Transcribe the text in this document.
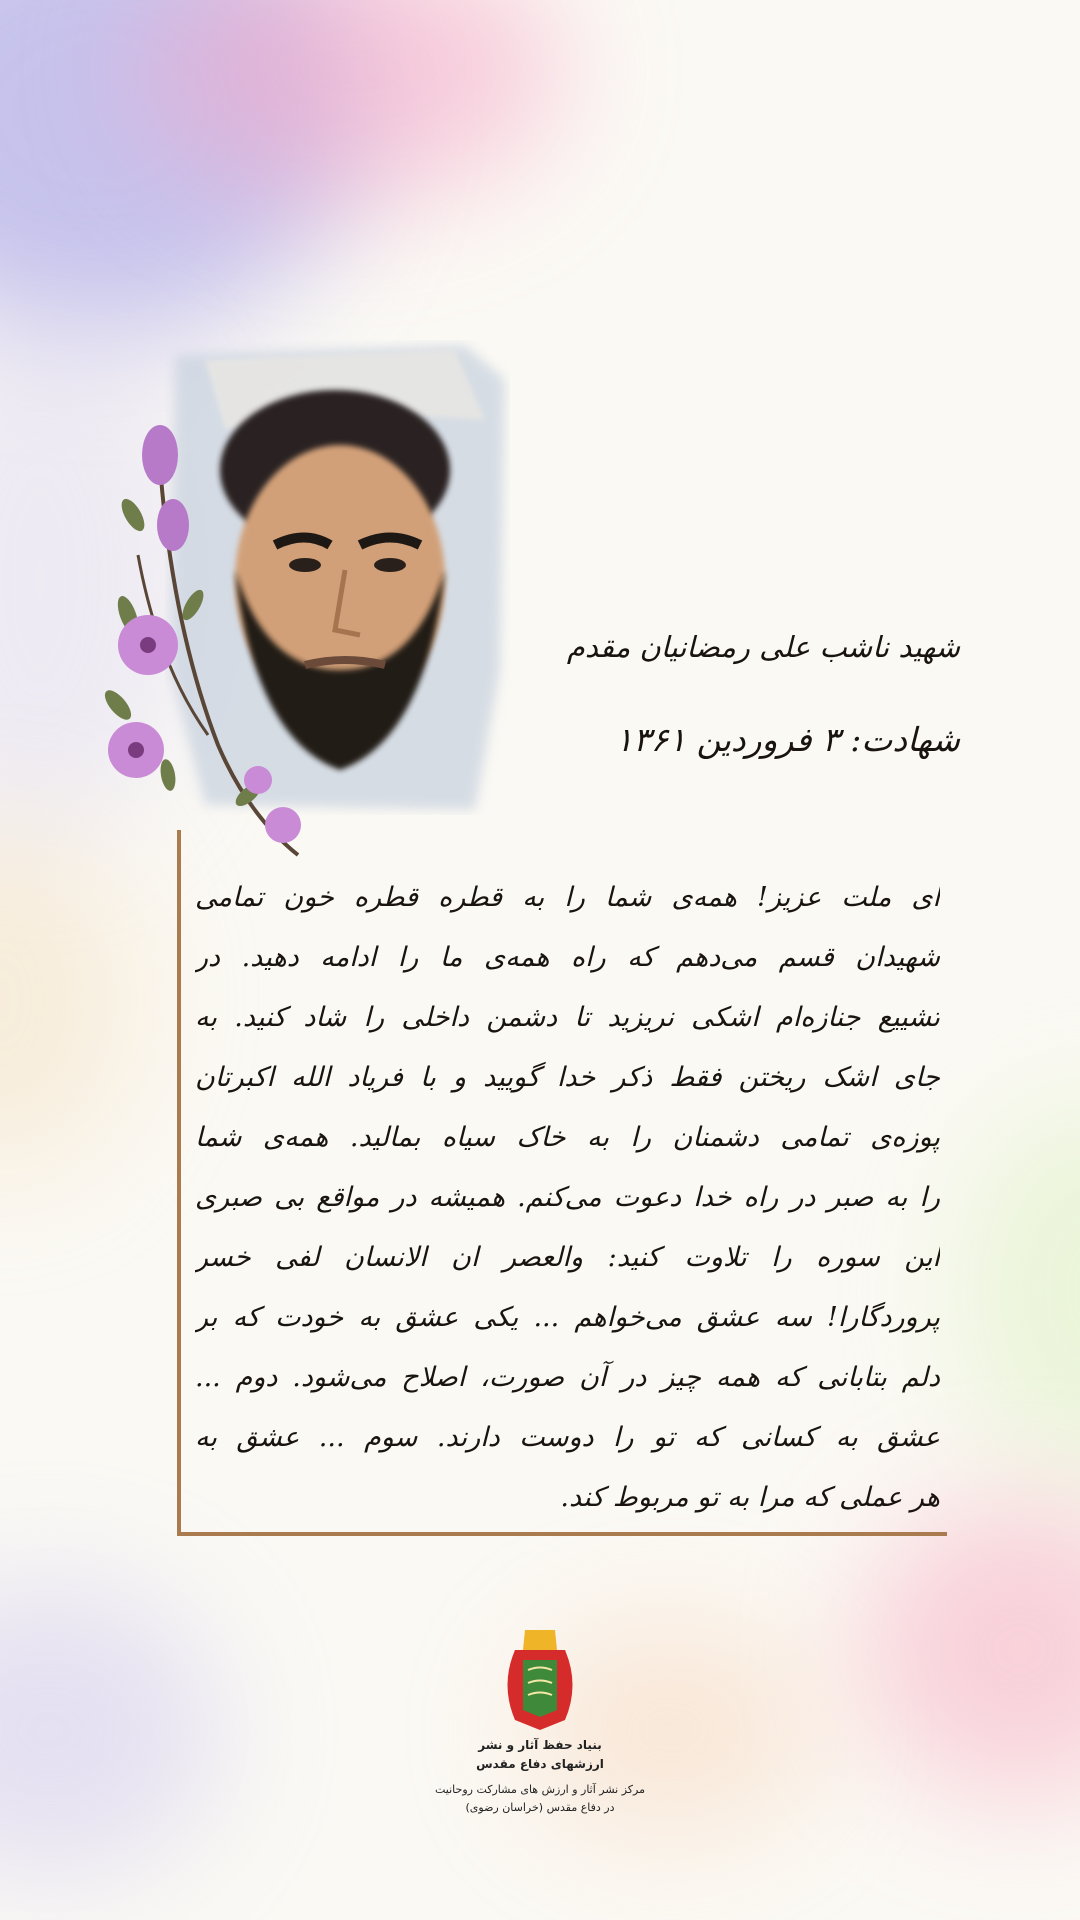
شهید ناشب علی رمضانیان مقدم
شهادت: ۳ فروردین ۱۳۶۱
ای ملت عزیز! همه‌ی شما را به قطره قطره خون تمامی
شهیدان قسم می‌دهم که راه همه‌ی ما را ادامه دهید. در
تشییع جنازه‌ام اشکی نریزید تا دشمن داخلی را شاد کنید. به
جای اشک ریختن فقط ذکر خدا گویید و با فریاد الله اکبرتان
پوزه‌ی تمامی دشمنان را به خاک سیاه بمالید. همه‌ی شما
را به صبر در راه خدا دعوت می‌کنم. همیشه در مواقع بی صبری
این سوره را تلاوت کنید: والعصر ان الانسان لفی خسر
پروردگارا! سه عشق می‌خواهم ... یکی عشق به خودت که بر
دلم بتابانی که همه چیز در آن صورت، اصلاح می‌شود. دوم ...
عشق به کسانی که تو را دوست دارند. سوم ... عشق به
هر عملی که مرا به تو مربوط کند.
بنیاد حفظ آثار و نشر
ارزشهای دفاع مقدس
مرکز نشر آثار و ارزش های مشارکت روحانیت
در دفاع مقدس (خراسان رضوی)
